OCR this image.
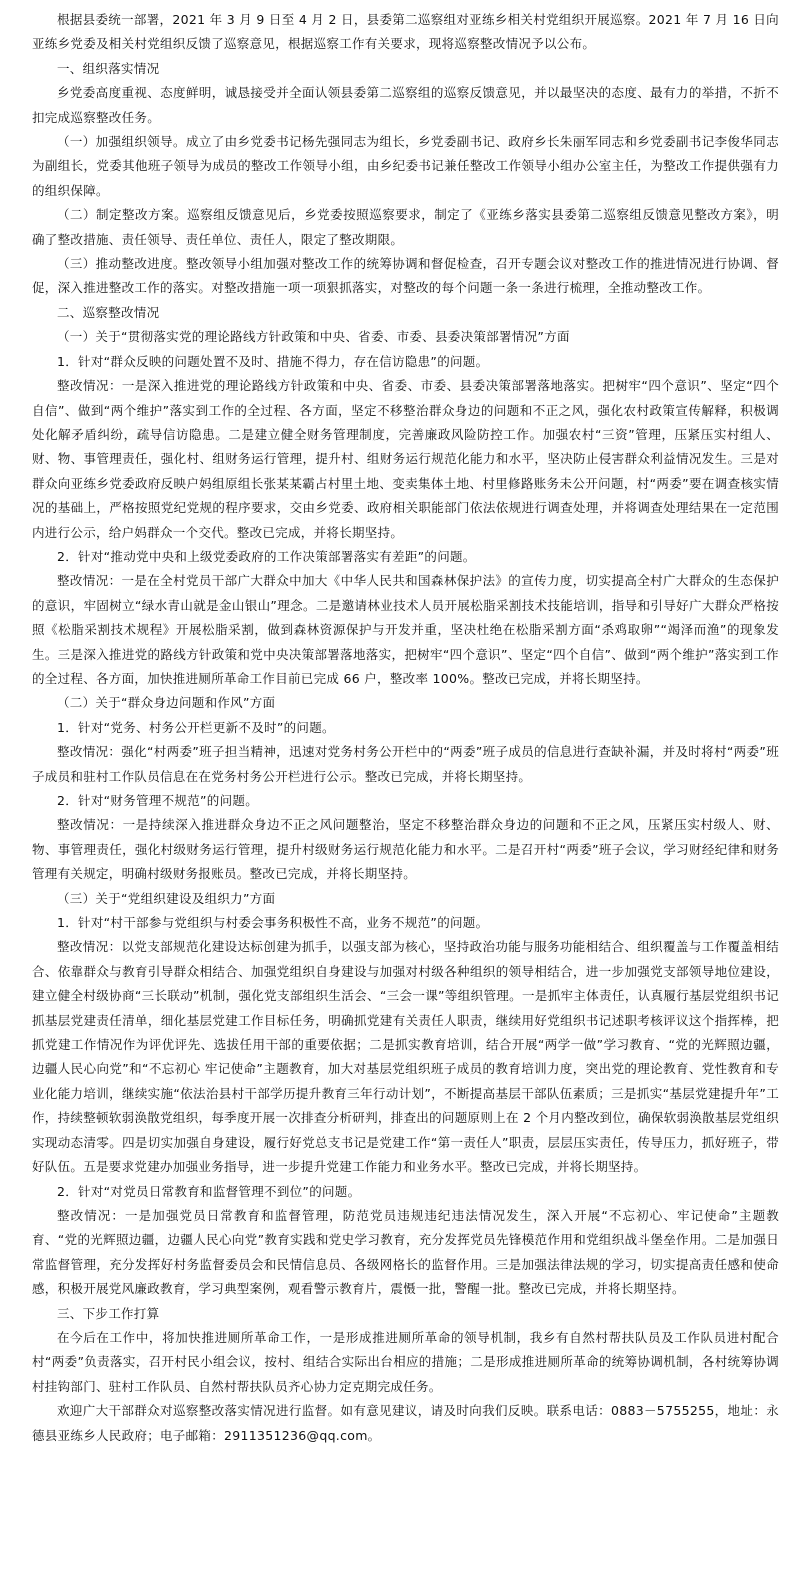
根据县委统一部署，2021 年 3 月 9 日至 4 月 2 日，县委第二巡察组对亚练乡相关村党组织开展巡察。2021 年 7 月 16 日向亚练乡党委及相关村党组织反馈了巡察意见，根据巡察工作有关要求，现将巡察整改情况予以公布。

一、组织落实情况

乡党委高度重视、态度鲜明，诚恳接受并全面认领县委第二巡察组的巡察反馈意见，并以最坚决的态度、最有力的举措，不折不扣完成巡察整改任务。

（一）加强组织领导。成立了由乡党委书记杨先强同志为组长，乡党委副书记、政府乡长朱丽军同志和乡党委副书记李俊华同志为副组长，党委其他班子领导为成员的整改工作领导小组，由乡纪委书记兼任整改工作领导小组办公室主任，为整改工作提供强有力的组织保障。

（二）制定整改方案。巡察组反馈意见后，乡党委按照巡察要求，制定了《亚练乡落实县委第二巡察组反馈意见整改方案》，明确了整改措施、责任领导、责任单位、责任人，限定了整改期限。

（三）推动整改进度。整改领导小组加强对整改工作的统筹协调和督促检查，召开专题会议对整改工作的推进情况进行协调、督促，深入推进整改工作的落实。对整改措施一项一项狠抓落实，对整改的每个问题一条一条进行梳理，全推动整改工作。

二、巡察整改情况

（一）关于“贯彻落实党的理论路线方针政策和中央、省委、市委、县委决策部署情况”方面

1．针对“群众反映的问题处置不及时、措施不得力，存在信访隐患”的问题。

整改情况：一是深入推进党的理论路线方针政策和中央、省委、市委、县委决策部署落地落实。把树牢“四个意识”、坚定“四个自信”、做到“两个维护”落实到工作的全过程、各方面，坚定不移整治群众身边的问题和不正之风，强化农村政策宣传解释，积极调处化解矛盾纠纷，疏导信访隐患。二是建立健全财务管理制度，完善廉政风险防控工作。加强农村“三资”管理，压紧压实村组人、财、物、事管理责任，强化村、组财务运行管理，提升村、组财务运行规范化能力和水平，坚决防止侵害群众利益情况发生。三是对群众向亚练乡党委政府反映户妈组原组长张某某霸占村里土地、变卖集体土地、村里修路账务未公开问题，村“两委”要在调查核实情况的基础上，严格按照党纪党规的程序要求，交由乡党委、政府相关职能部门依法依规进行调查处理，并将调查处理结果在一定范围内进行公示，给户妈群众一个交代。整改已完成，并将长期坚持。

2．针对“推动党中央和上级党委政府的工作决策部署落实有差距”的问题。

整改情况：一是在全村党员干部广大群众中加大《中华人民共和国森林保护法》的宣传力度，切实提高全村广大群众的生态保护的意识，牢固树立“绿水青山就是金山银山”理念。二是邀请林业技术人员开展松脂采割技术技能培训，指导和引导好广大群众严格按照《松脂采割技术规程》开展松脂采割，做到森林资源保护与开发并重，坚决杜绝在松脂采割方面“杀鸡取卵”“竭泽而渔”的现象发生。三是深入推进党的路线方针政策和党中央决策部署落地落实，把树牢“四个意识”、坚定“四个自信”、做到“两个维护”落实到工作的全过程、各方面，加快推进厕所革命工作目前已完成 66 户，整改率 100%。整改已完成，并将长期坚持。

（二）关于“群众身边问题和作风”方面

1．针对“党务、村务公开栏更新不及时”的问题。

整改情况：强化“村两委”班子担当精神，迅速对党务村务公开栏中的“两委”班子成员的信息进行查缺补漏，并及时将村“两委”班子成员和驻村工作队员信息在在党务村务公开栏进行公示。整改已完成，并将长期坚持。

2．针对“财务管理不规范”的问题。

整改情况：一是持续深入推进群众身边不正之风问题整治，坚定不移整治群众身边的问题和不正之风，压紧压实村级人、财、物、事管理责任，强化村级财务运行管理，提升村级财务运行规范化能力和水平。二是召开村“两委”班子会议，学习财经纪律和财务管理有关规定，明确村级财务报账员。整改已完成，并将长期坚持。

（三）关于“党组织建设及组织力”方面

1．针对“村干部参与党组织与村委会事务积极性不高，业务不规范”的问题。

整改情况：以党支部规范化建设达标创建为抓手，以强支部为核心，坚持政治功能与服务功能相结合、组织覆盖与工作覆盖相结合、依靠群众与教育引导群众相结合、加强党组织自身建设与加强对村级各种组织的领导相结合，进一步加强党支部领导地位建设，建立健全村级协商“三长联动”机制，强化党支部组织生活会、“三会一课”等组织管理。一是抓牢主体责任，认真履行基层党组织书记抓基层党建责任清单，细化基层党建工作目标任务，明确抓党建有关责任人职责，继续用好党组织书记述职考核评议这个指挥棒，把抓党建工作情况作为评优评先、选拔任用干部的重要依据；二是抓实教育培训，结合开展“两学一做”学习教育、“党的光辉照边疆，边疆人民心向党”和“不忘初心 牢记使命”主题教育，加大对基层党组织班子成员的教育培训力度，突出党的理论教育、党性教育和专业化能力培训，继续实施“依法治县村干部学历提升教育三年行动计划”，不断提高基层干部队伍素质；三是抓实“基层党建提升年”工作，持续整顿软弱涣散党组织，每季度开展一次排查分析研判，排查出的问题原则上在 2 个月内整改到位，确保软弱涣散基层党组织实现动态清零。四是切实加强自身建设，履行好党总支书记是党建工作“第一责任人”职责，层层压实责任，传导压力，抓好班子，带好队伍。五是要求党建办加强业务指导，进一步提升党建工作能力和业务水平。整改已完成，并将长期坚持。

2．针对“对党员日常教育和监督管理不到位”的问题。

整改情况：一是加强党员日常教育和监督管理，防范党员违规违纪违法情况发生，深入开展“不忘初心、牢记使命”主题教育、“党的光辉照边疆，边疆人民心向党”教育实践和党史学习教育，充分发挥党员先锋模范作用和党组织战斗堡垒作用。二是加强日常监督管理，充分发挥好村务监督委员会和民情信息员、各级网格长的监督作用。三是加强法律法规的学习，切实提高责任感和使命感，积极开展党风廉政教育，学习典型案例，观看警示教育片，震慑一批，警醒一批。整改已完成，并将长期坚持。

三、下步工作打算

在今后在工作中，将加快推进厕所革命工作，一是形成推进厕所革命的领导机制，我乡有自然村帮扶队员及工作队员进村配合村“两委”负责落实，召开村民小组会议，按村、组结合实际出台相应的措施；二是形成推进厕所革命的统筹协调机制，各村统筹协调村挂钩部门、驻村工作队员、自然村帮扶队员齐心协力定克期完成任务。

欢迎广大干部群众对巡察整改落实情况进行监督。如有意见建议，请及时向我们反映。联系电话：0883－5755255，地址：永德县亚练乡人民政府；电子邮箱：2911351236@qq.com。
